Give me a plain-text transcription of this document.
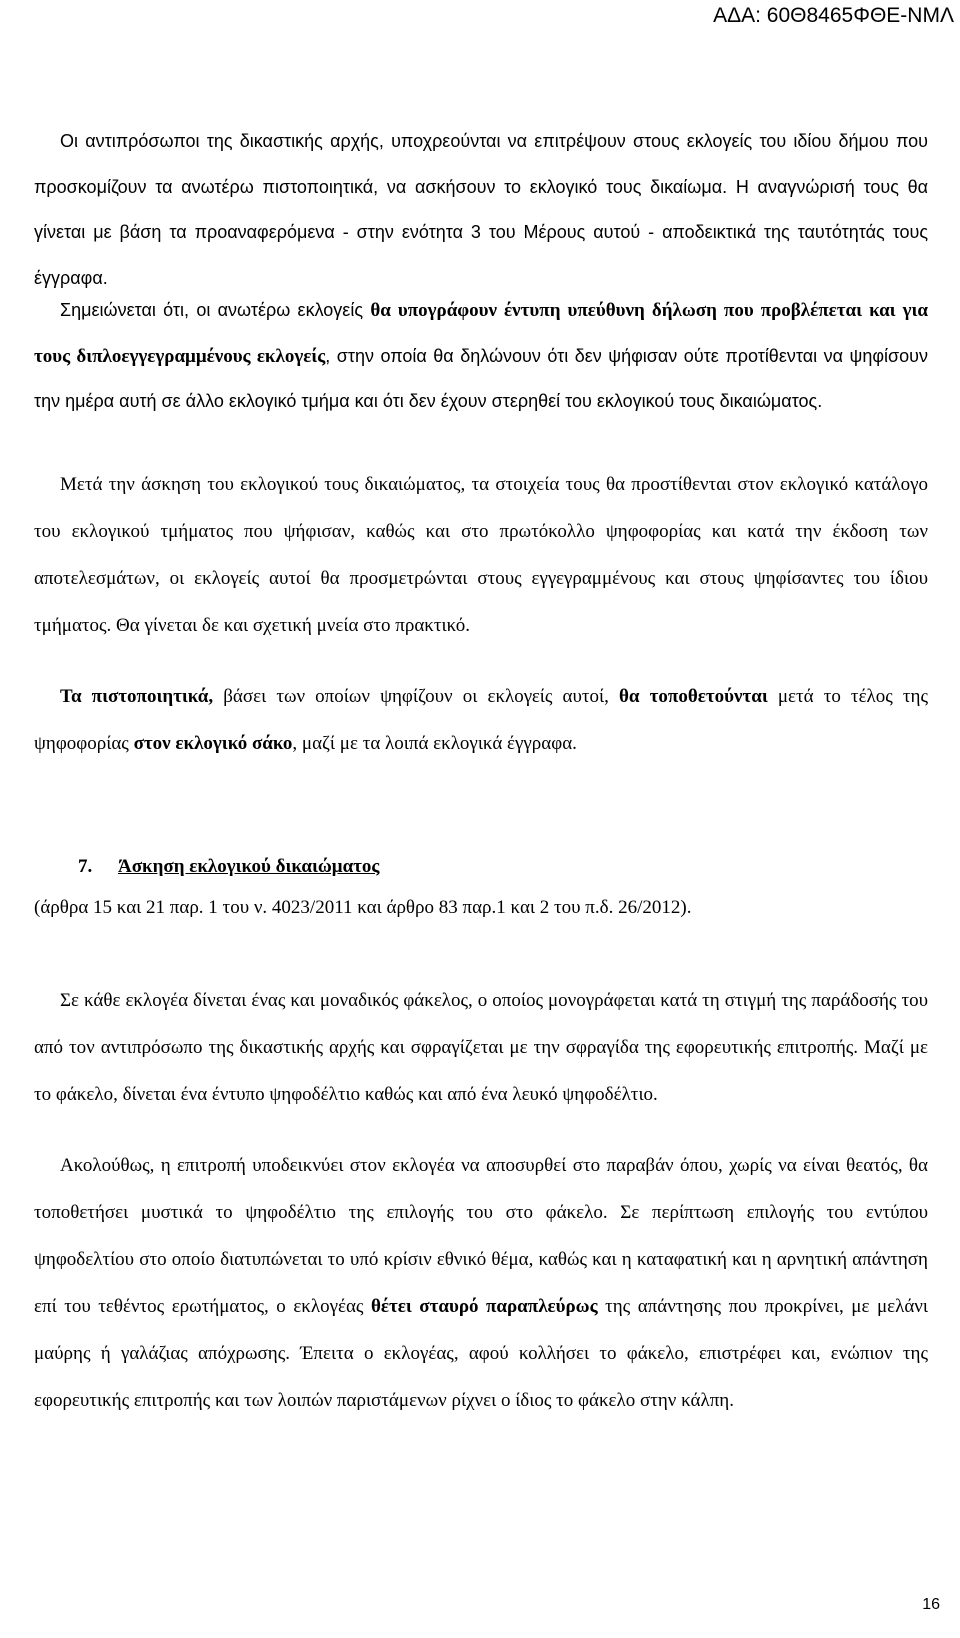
ΑΔΑ: 60Θ8465ΦΘΕ-ΝΜΛ

Οι αντιπρόσωποι της δικαστικής αρχής, υποχρεούνται να επιτρέψουν στους εκλογείς του ιδίου δήμου που προσκομίζουν τα ανωτέρω πιστοποιητικά, να ασκήσουν το εκλογικό τους δικαίωμα. Η αναγνώρισή τους θα γίνεται με βάση τα προαναφερόμενα - στην ενότητα 3 του Μέρους αυτού - αποδεικτικά της ταυτότητάς τους έγγραφα.

Σημειώνεται ότι, οι ανωτέρω εκλογείς θα υπογράφουν έντυπη υπεύθυνη δήλωση που προβλέπεται και για τους διπλοεγγεγραμμένους εκλογείς, στην οποία θα δηλώνουν ότι δεν ψήφισαν ούτε προτίθενται να ψηφίσουν την ημέρα αυτή σε άλλο εκλογικό τμήμα και ότι δεν έχουν στερηθεί του εκλογικού τους δικαιώματος.

Μετά την άσκηση του εκλογικού τους δικαιώματος, τα στοιχεία τους θα προστίθενται στον εκλογικό κατάλογο του εκλογικού τμήματος που ψήφισαν, καθώς και στο πρωτόκολλο ψηφοφορίας και κατά την έκδοση των αποτελεσμάτων, οι εκλογείς αυτοί θα προσμετρώνται στους εγγεγραμμένους και στους ψηφίσαντες του ίδιου τμήματος. Θα γίνεται δε και σχετική μνεία στο πρακτικό.

Τα πιστοποιητικά, βάσει των οποίων ψηφίζουν οι εκλογείς αυτοί, θα τοποθετούνται μετά το τέλος της ψηφοφορίας στον εκλογικό σάκο, μαζί με τα λοιπά εκλογικά έγγραφα.

7. Άσκηση εκλογικού δικαιώματος

(άρθρα 15 και 21 παρ. 1 του ν. 4023/2011 και άρθρο 83 παρ.1 και 2 του π.δ. 26/2012).

Σε κάθε εκλογέα δίνεται ένας και μοναδικός φάκελος, ο οποίος μονογράφεται κατά τη στιγμή της παράδοσής του από τον αντιπρόσωπο της δικαστικής αρχής και σφραγίζεται με την σφραγίδα της εφορευτικής επιτροπής. Μαζί με το φάκελο, δίνεται ένα έντυπο ψηφοδέλτιο καθώς και από ένα λευκό ψηφοδέλτιο.

Ακολούθως, η επιτροπή υποδεικνύει στον εκλογέα να αποσυρθεί στο παραβάν όπου, χωρίς να είναι θεατός, θα τοποθετήσει μυστικά το ψηφοδέλτιο της επιλογής του στο φάκελο. Σε περίπτωση επιλογής του εντύπου ψηφοδελτίου στο οποίο διατυπώνεται το υπό κρίσιν εθνικό θέμα, καθώς και η καταφατική και η αρνητική απάντηση επί του τεθέντος ερωτήματος, ο εκλογέας θέτει σταυρό παραπλεύρως της απάντησης που προκρίνει, με μελάνι μαύρης ή γαλάζιας απόχρωσης. Έπειτα ο εκλογέας, αφού κολλήσει το φάκελο, επιστρέφει και, ενώπιον της εφορευτικής επιτροπής και των λοιπών παριστάμενων ρίχνει ο ίδιος το φάκελο στην κάλπη.

16
